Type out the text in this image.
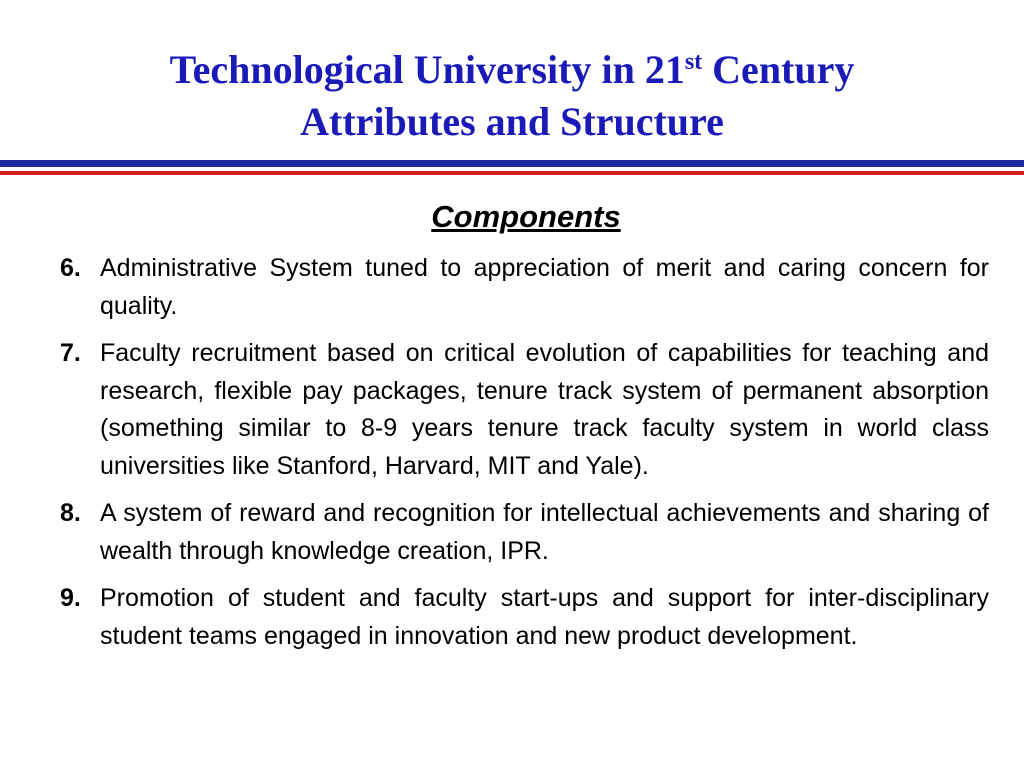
Technological University in 21st Century
Attributes and Structure
Components
6. Administrative System tuned to appreciation of merit and caring concern for quality.
7. Faculty recruitment based on critical evolution of capabilities for teaching and research, flexible pay packages, tenure track system of permanent absorption (something similar to 8-9 years tenure track faculty system in world class universities like Stanford, Harvard, MIT and Yale).
8. A system of reward and recognition for intellectual achievements and sharing of wealth through knowledge creation, IPR.
9. Promotion of student and faculty start-ups and support for inter-disciplinary student teams engaged in innovation and new product development.
